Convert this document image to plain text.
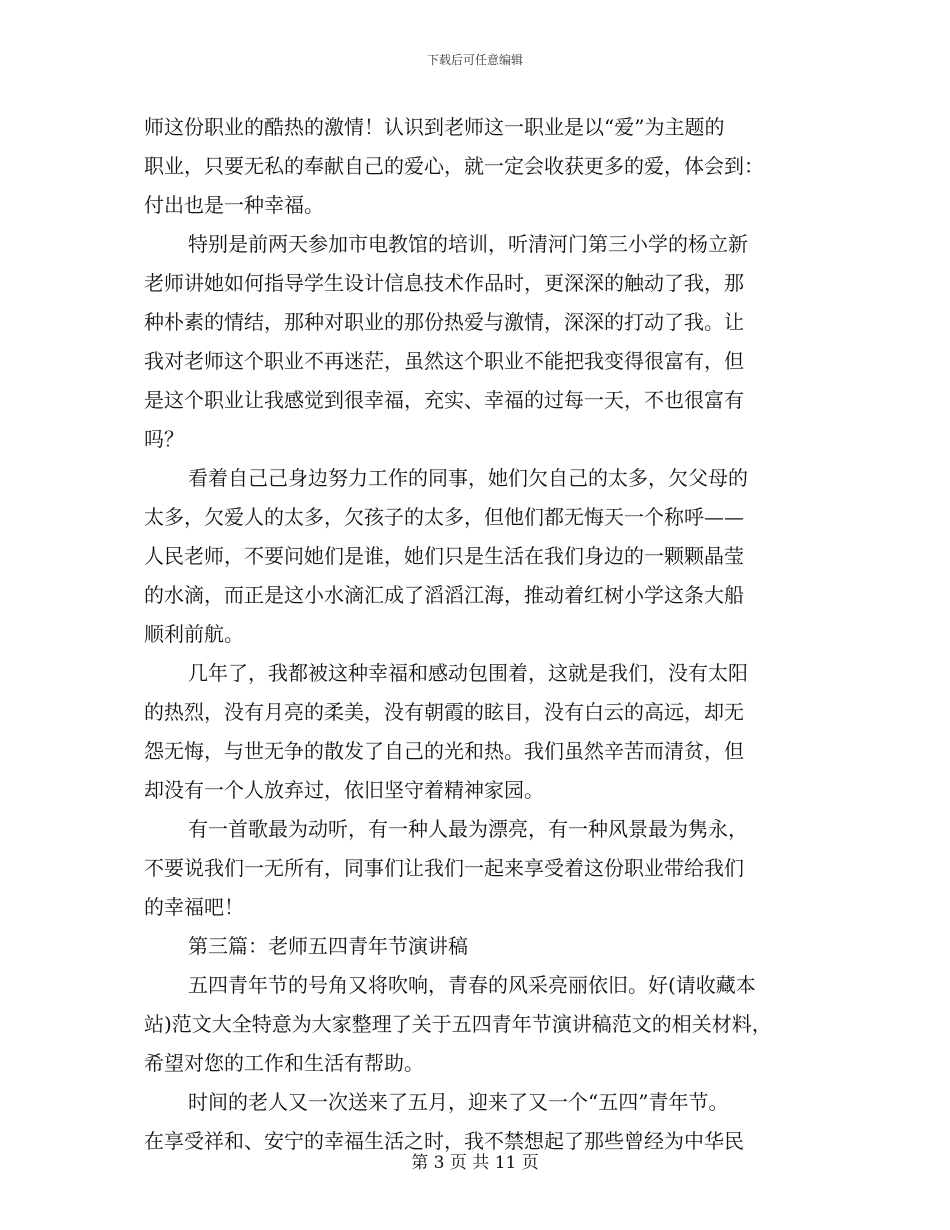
下载后可任意编辑
师这份职业的酷热的激情！认识到老师这一职业是以“爱”为主题的
职业，只要无私的奉献自己的爱心，就一定会收获更多的爱，体会到：
付出也是一种幸福。
特别是前两天参加市电教馆的培训，听清河门第三小学的杨立新
老师讲她如何指导学生设计信息技术作品时，更深深的触动了我，那
种朴素的情结，那种对职业的那份热爱与激情，深深的打动了我。让
我对老师这个职业不再迷茫，虽然这个职业不能把我变得很富有，但
是这个职业让我感觉到很幸福，充实、幸福的过每一天，不也很富有
吗？
看着自己己身边努力工作的同事，她们欠自己的太多，欠父母的
太多，欠爱人的太多，欠孩子的太多，但他们都无悔天一个称呼——
人民老师，不要问她们是谁，她们只是生活在我们身边的一颗颗晶莹
的水滴，而正是这小水滴汇成了滔滔江海，推动着红树小学这条大船
顺利前航。
几年了，我都被这种幸福和感动包围着，这就是我们，没有太阳
的热烈，没有月亮的柔美，没有朝霞的眩目，没有白云的高远，却无
怨无悔，与世无争的散发了自己的光和热。我们虽然辛苦而清贫，但
却没有一个人放弃过，依旧坚守着精神家园。
有一首歌最为动听，有一种人最为漂亮，有一种风景最为隽永，
不要说我们一无所有，同事们让我们一起来享受着这份职业带给我们
的幸福吧！
第三篇：老师五四青年节演讲稿
五四青年节的号角又将吹响，青春的风采亮丽依旧。好(请收藏本
站)范文大全特意为大家整理了关于五四青年节演讲稿范文的相关材料，
希望对您的工作和生活有帮助。
时间的老人又一次送来了五月，迎来了又一个“五四”青年节。
在享受祥和、安宁的幸福生活之时，我不禁想起了那些曾经为中华民
第 3 页 共 11 页
